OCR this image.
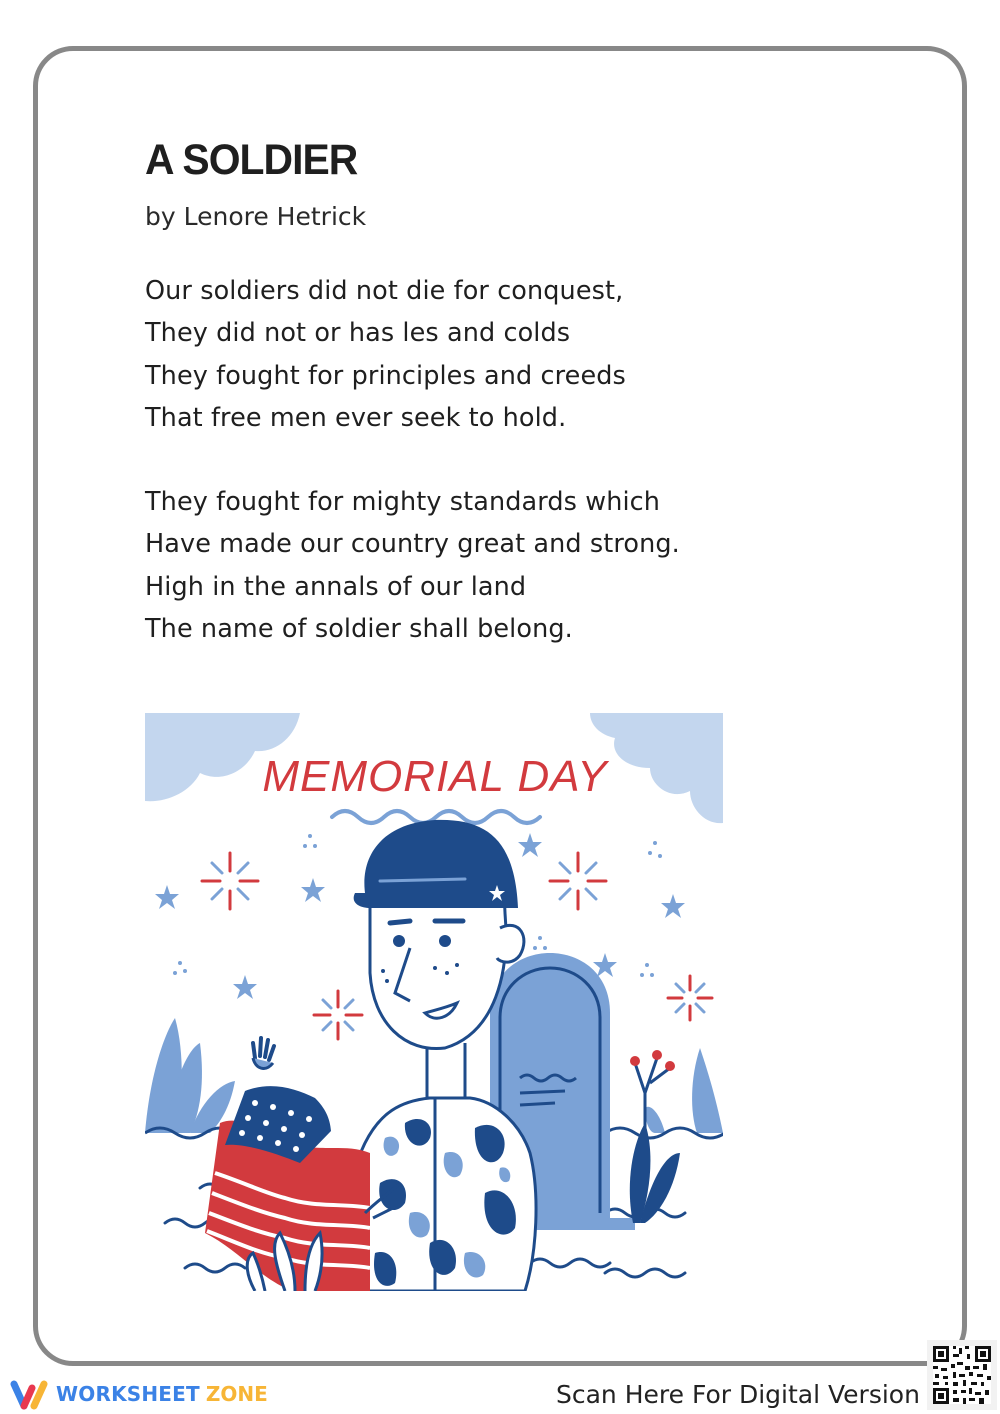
A SOLDIER
by Lenore Hetrick
Our soldiers did not die for conquest,
They did not or has les and colds
They fought for principles and creeds
That free men ever seek to hold.
They fought for mighty standards which
Have made our country great and strong.
High in the annals of our land
The name of soldier shall belong.
MEMORIAL DAY
WORKSHEET ZONE	Scan Here For Digital Version
